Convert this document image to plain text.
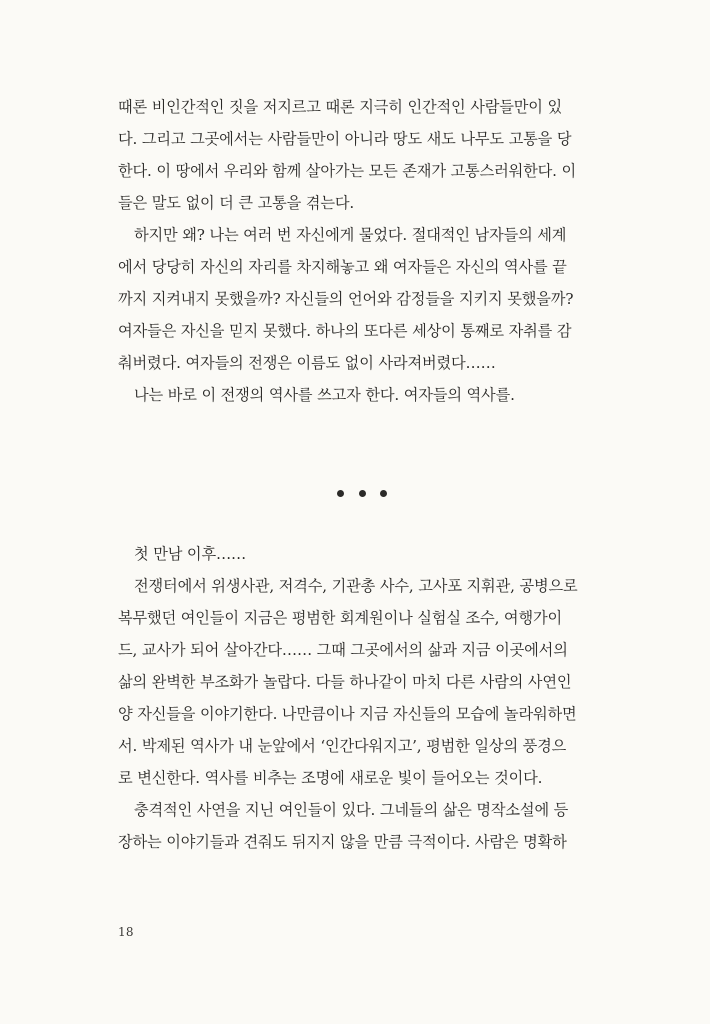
때론 비인간적인 짓을 저지르고 때론 지극히 인간적인 사람들만이 있
다. 그리고 그곳에서는 사람들만이 아니라 땅도 새도 나무도 고통을 당
한다. 이 땅에서 우리와 함께 살아가는 모든 존재가 고통스러워한다. 이
들은 말도 없이 더 큰 고통을 겪는다.
하지만 왜? 나는 여러 번 자신에게 물었다. 절대적인 남자들의 세계
에서 당당히 자신의 자리를 차지해놓고 왜 여자들은 자신의 역사를 끝
까지 지켜내지 못했을까? 자신들의 언어와 감정들을 지키지 못했을까?
여자들은 자신을 믿지 못했다. 하나의 또다른 세상이 통째로 자취를 감
춰버렸다. 여자들의 전쟁은 이름도 없이 사라져버렸다……
나는 바로 이 전쟁의 역사를 쓰고자 한다. 여자들의 역사를.
첫 만남 이후……
전쟁터에서 위생사관, 저격수, 기관총 사수, 고사포 지휘관, 공병으로
복무했던 여인들이 지금은 평범한 회계원이나 실험실 조수, 여행가이
드, 교사가 되어 살아간다…… 그때 그곳에서의 삶과 지금 이곳에서의
삶의 완벽한 부조화가 놀랍다. 다들 하나같이 마치 다른 사람의 사연인
양 자신들을 이야기한다. 나만큼이나 지금 자신들의 모습에 놀라워하면
서. 박제된 역사가 내 눈앞에서 ‘인간다워지고’, 평범한 일상의 풍경으
로 변신한다. 역사를 비추는 조명에 새로운 빛이 들어오는 것이다.
충격적인 사연을 지닌 여인들이 있다. 그네들의 삶은 명작소설에 등
장하는 이야기들과 견줘도 뒤지지 않을 만큼 극적이다. 사람은 명확하
18
